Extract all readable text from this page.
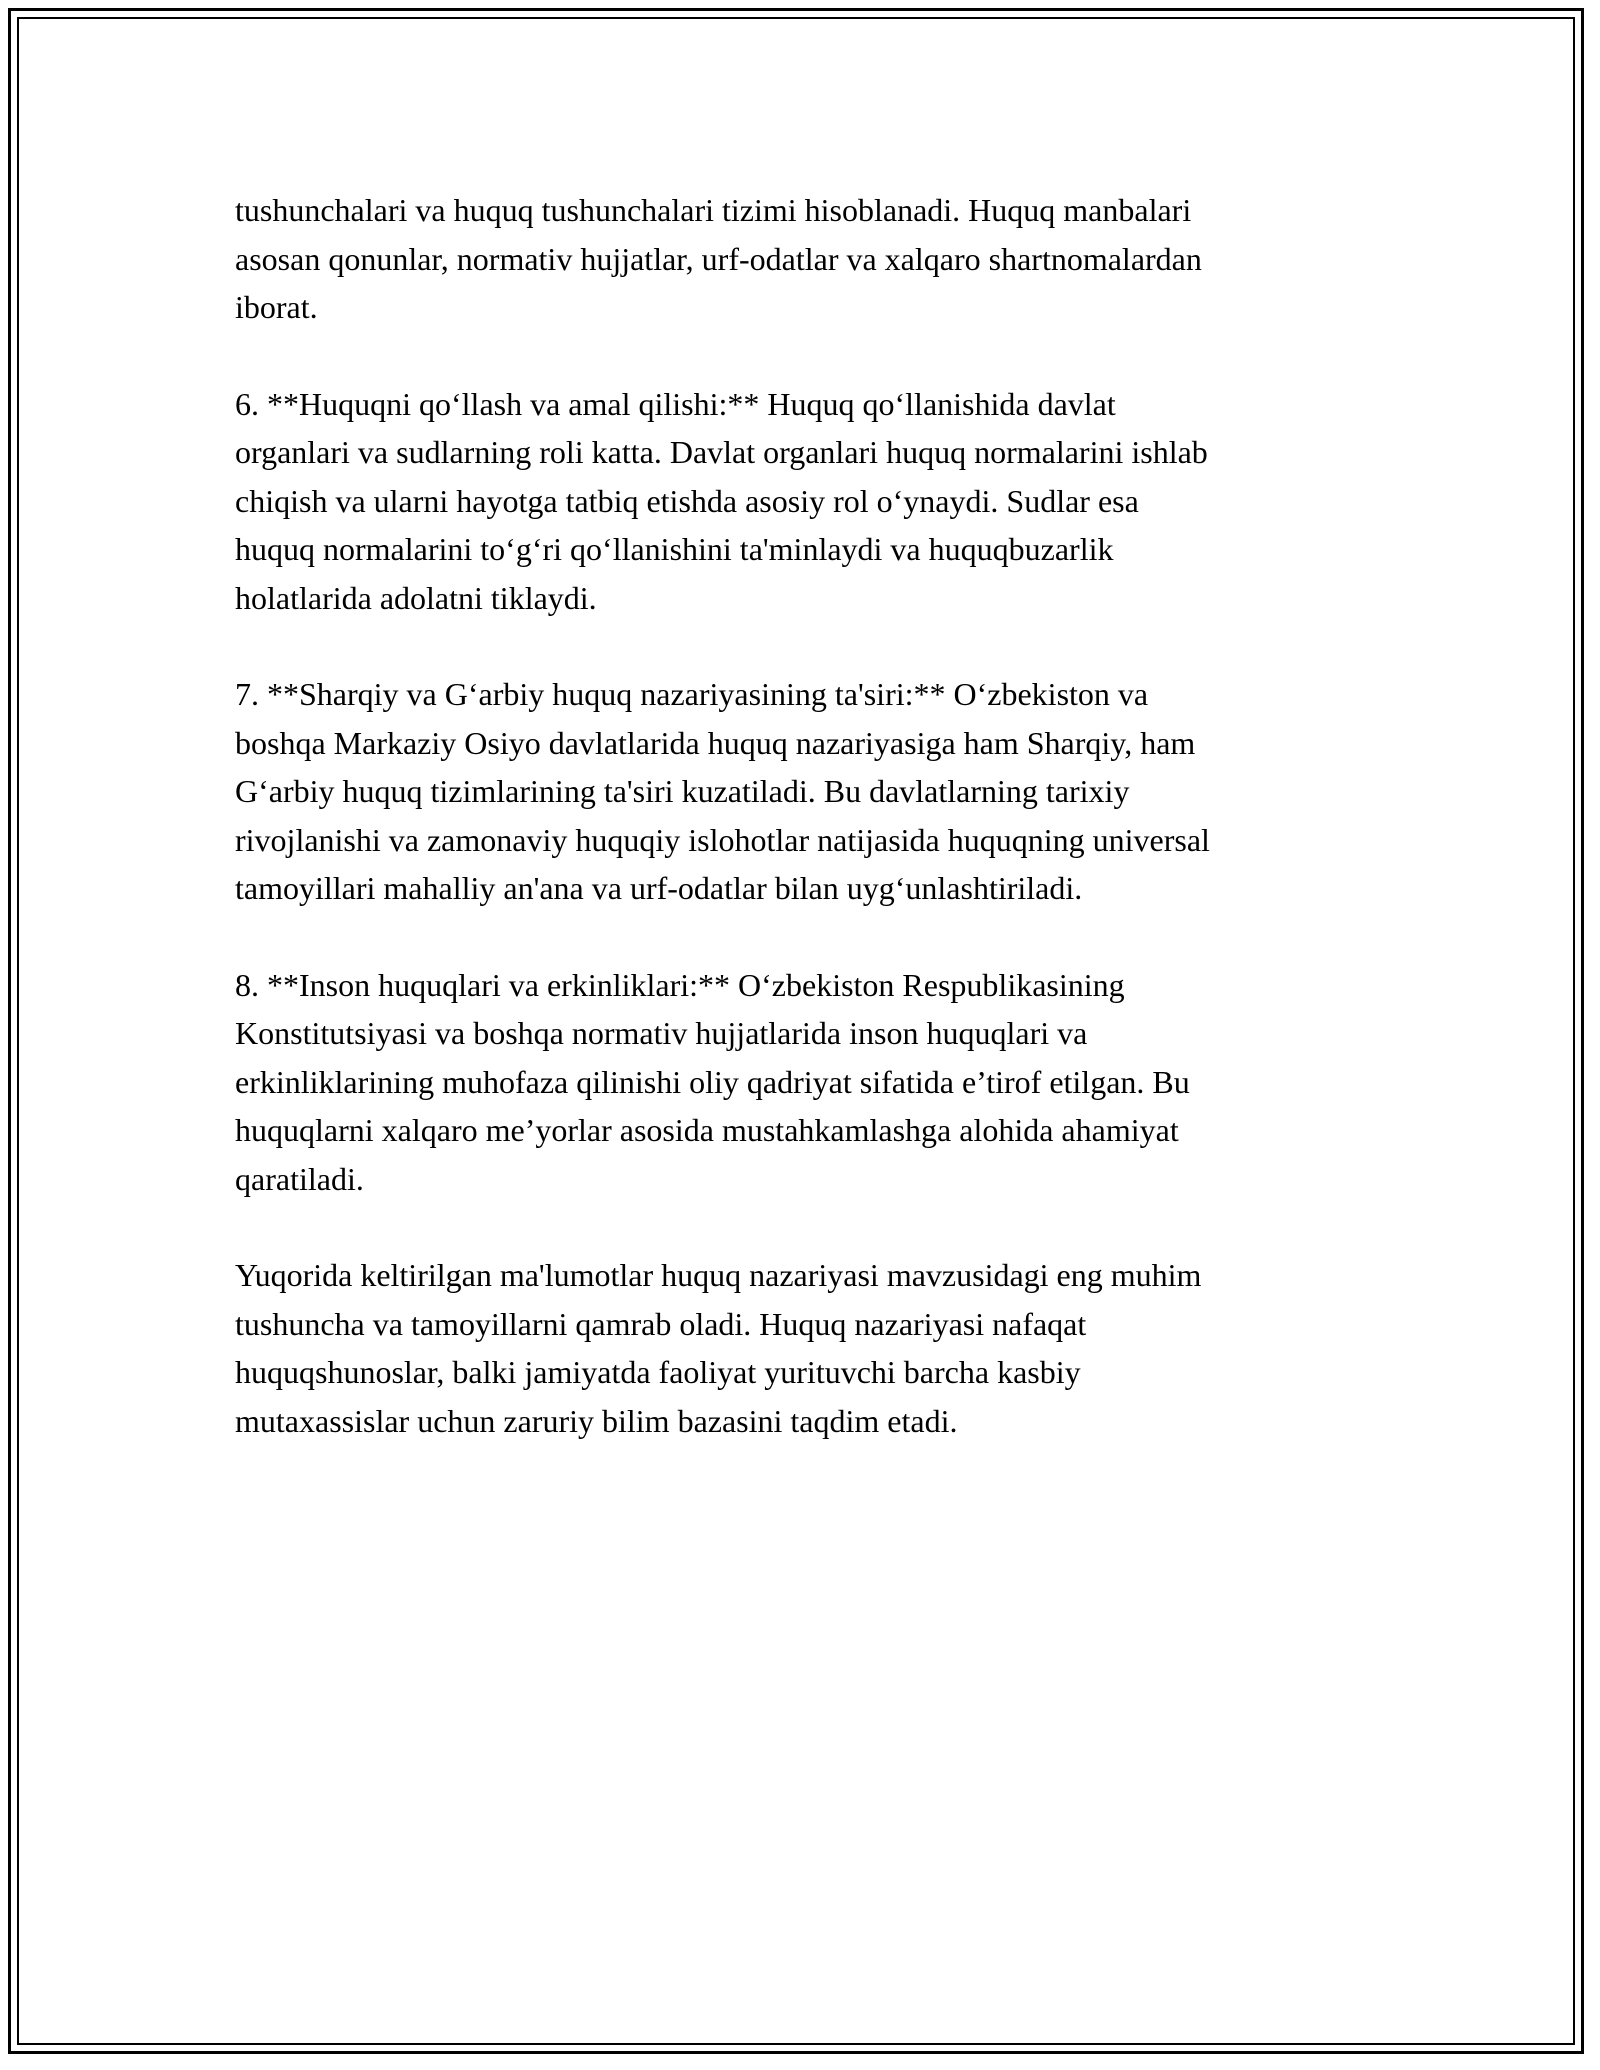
tushunchalari va huquq tushunchalari tizimi hisoblanadi. Huquq manbalari
asosan qonunlar, normativ hujjatlar, urf-odatlar va xalqaro shartnomalardan
iborat.

6. **Huquqni qoʻllash va amal qilishi:** Huquq qoʻllanishida davlat
organlari va sudlarning roli katta. Davlat organlari huquq normalarini ishlab
chiqish va ularni hayotga tatbiq etishda asosiy rol oʻynaydi. Sudlar esa
huquq normalarini toʻgʻri qoʻllanishini ta'minlaydi va huquqbuzarlik
holatlarida adolatni tiklaydi.

7. **Sharqiy va Gʻarbiy huquq nazariyasining ta'siri:** Oʻzbekiston va
boshqa Markaziy Osiyo davlatlarida huquq nazariyasiga ham Sharqiy, ham
Gʻarbiy huquq tizimlarining ta'siri kuzatiladi. Bu davlatlarning tarixiy
rivojlanishi va zamonaviy huquqiy islohotlar natijasida huquqning universal
tamoyillari mahalliy an'ana va urf-odatlar bilan uygʻunlashtiriladi.

8. **Inson huquqlari va erkinliklari:** Oʻzbekiston Respublikasining
Konstitutsiyasi va boshqa normativ hujjatlarida inson huquqlari va
erkinliklarining muhofaza qilinishi oliy qadriyat sifatida e’tirof etilgan. Bu
huquqlarni xalqaro me’yorlar asosida mustahkamlashga alohida ahamiyat
qaratiladi.

Yuqorida keltirilgan ma'lumotlar huquq nazariyasi mavzusidagi eng muhim
tushuncha va tamoyillarni qamrab oladi. Huquq nazariyasi nafaqat
huquqshunoslar, balki jamiyatda faoliyat yurituvchi barcha kasbiy
mutaxassislar uchun zaruriy bilim bazasini taqdim etadi.
